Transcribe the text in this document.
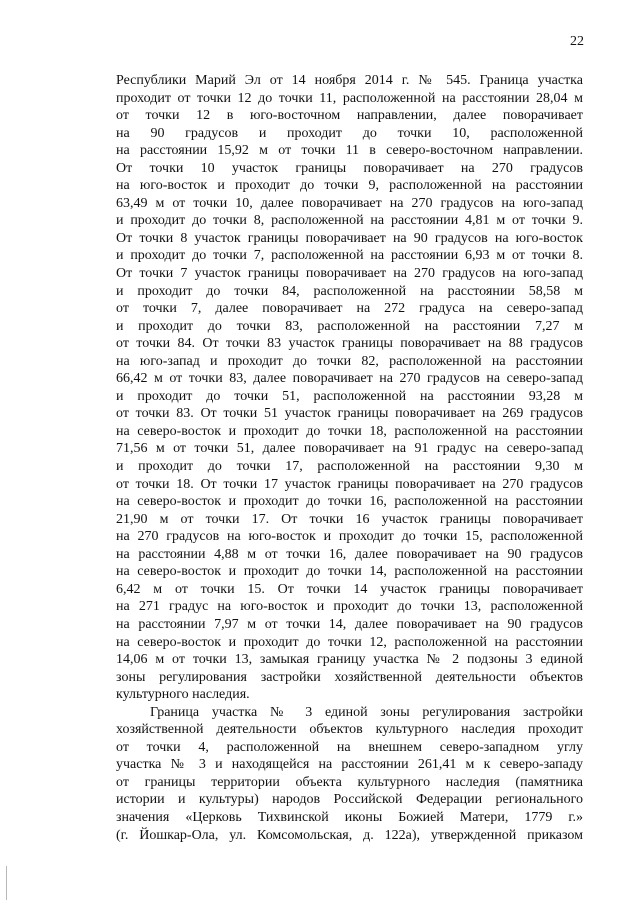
22
Республики Марий Эл от 14 ноября 2014 г. № 545. Граница участка
проходит от точки 12 до точки 11, расположенной на расстоянии 28,04 м
от точки 12 в юго-восточном направлении, далее поворачивает
на 90 градусов и проходит до точки 10, расположенной
на расстоянии 15,92 м от точки 11 в северо-восточном направлении.
От точки 10 участок границы поворачивает на 270 градусов
на юго-восток и проходит до точки 9, расположенной на расстоянии
63,49 м от точки 10, далее поворачивает на 270 градусов на юго-запад
и проходит до точки 8, расположенной на расстоянии 4,81 м от точки 9.
От точки 8 участок границы поворачивает на 90 градусов на юго-восток
и проходит до точки 7, расположенной на расстоянии 6,93 м от точки 8.
От точки 7 участок границы поворачивает на 270 градусов на юго-запад
и проходит до точки 84, расположенной на расстоянии 58,58 м
от точки 7, далее поворачивает на 272 градуса на северо-запад
и проходит до точки 83, расположенной на расстоянии 7,27 м
от точки 84. От точки 83 участок границы поворачивает на 88 градусов
на юго-запад и проходит до точки 82, расположенной на расстоянии
66,42 м от точки 83, далее поворачивает на 270 градусов на северо-запад
и проходит до точки 51, расположенной на расстоянии 93,28 м
от точки 83. От точки 51 участок границы поворачивает на 269 градусов
на северо-восток и проходит до точки 18, расположенной на расстоянии
71,56 м от точки 51, далее поворачивает на 91 градус на северо-запад
и проходит до точки 17, расположенной на расстоянии 9,30 м
от точки 18. От точки 17 участок границы поворачивает на 270 градусов
на северо-восток и проходит до точки 16, расположенной на расстоянии
21,90 м от точки 17. От точки 16 участок границы поворачивает
на 270 градусов на юго-восток и проходит до точки 15, расположенной
на расстоянии 4,88 м от точки 16, далее поворачивает на 90 градусов
на северо-восток и проходит до точки 14, расположенной на расстоянии
6,42 м от точки 15. От точки 14 участок границы поворачивает
на 271 градус на юго-восток и проходит до точки 13, расположенной
на расстоянии 7,97 м от точки 14, далее поворачивает на 90 градусов
на северо-восток и проходит до точки 12, расположенной на расстоянии
14,06 м от точки 13, замыкая границу участка № 2 подзоны 3 единой
зоны регулирования застройки хозяйственной деятельности объектов
культурного наследия.
Граница участка № 3 единой зоны регулирования застройки
хозяйственной деятельности объектов культурного наследия проходит
от точки 4, расположенной на внешнем северо-западном углу
участка № 3 и находящейся на расстоянии 261,41 м к северо-западу
от границы территории объекта культурного наследия (памятника
истории и культуры) народов Российской Федерации регионального
значения «Церковь Тихвинской иконы Божией Матери, 1779 г.»
(г. Йошкар-Ола, ул. Комсомольская, д. 122а), утвержденной приказом
